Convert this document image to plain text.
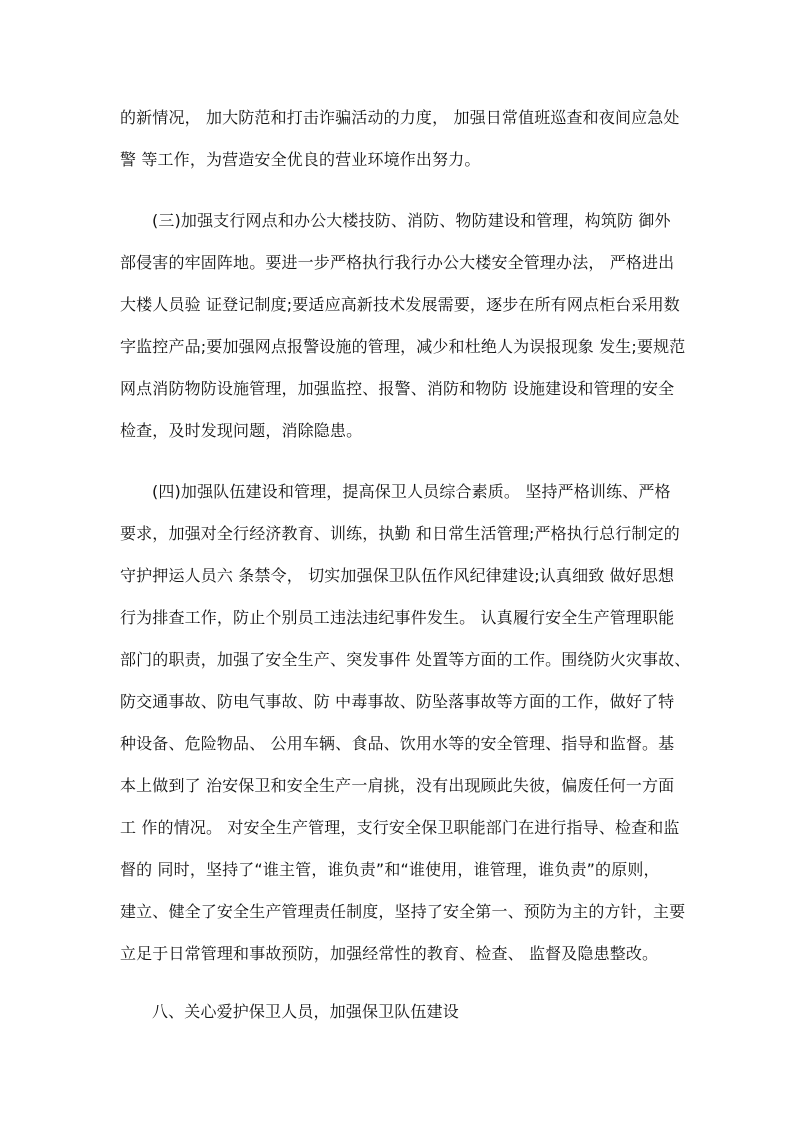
的新情况， 加大防范和打击诈骗活动的力度， 加强日常值班巡查和夜间应急处
警 等工作，为营造安全优良的营业环境作出努力。
(三)加强支行网点和办公大楼技防、消防、物防建设和管理，构筑防 御外
部侵害的牢固阵地。要进一步严格执行我行办公大楼安全管理办法， 严格进出
大楼人员验 证登记制度;要适应高新技术发展需要，逐步在所有网点柜台采用数
字监控产品;要加强网点报警设施的管理，减少和杜绝人为误报现象 发生;要规范
网点消防物防设施管理，加强监控、报警、消防和物防 设施建设和管理的安全
检查，及时发现问题，消除隐患。
(四)加强队伍建设和管理，提高保卫人员综合素质。 坚持严格训练、严格
要求，加强对全行经济教育、训练，执勤 和日常生活管理;严格执行总行制定的
守护押运人员六 条禁令， 切实加强保卫队伍作风纪律建设;认真细致 做好思想
行为排查工作，防止个别员工违法违纪事件发生。 认真履行安全生产管理职能
部门的职责，加强了安全生产、突发事件 处置等方面的工作。围绕防火灾事故、
防交通事故、防电气事故、防 中毒事故、防坠落事故等方面的工作，做好了特
种设备、危险物品、 公用车辆、食品、饮用水等的安全管理、指导和监督。基
本上做到了 治安保卫和安全生产一肩挑，没有出现顾此失彼，偏废任何一方面
工 作的情况。 对安全生产管理，支行安全保卫职能部门在进行指导、检查和监
督的 同时，坚持了“谁主管，谁负责”和“谁使用，谁管理，谁负责”的原则，
建立、健全了安全生产管理责任制度，坚持了安全第一、预防为主的方针，主要
立足于日常管理和事故预防，加强经常性的教育、检查、 监督及隐患整改。
八、关心爱护保卫人员，加强保卫队伍建设
